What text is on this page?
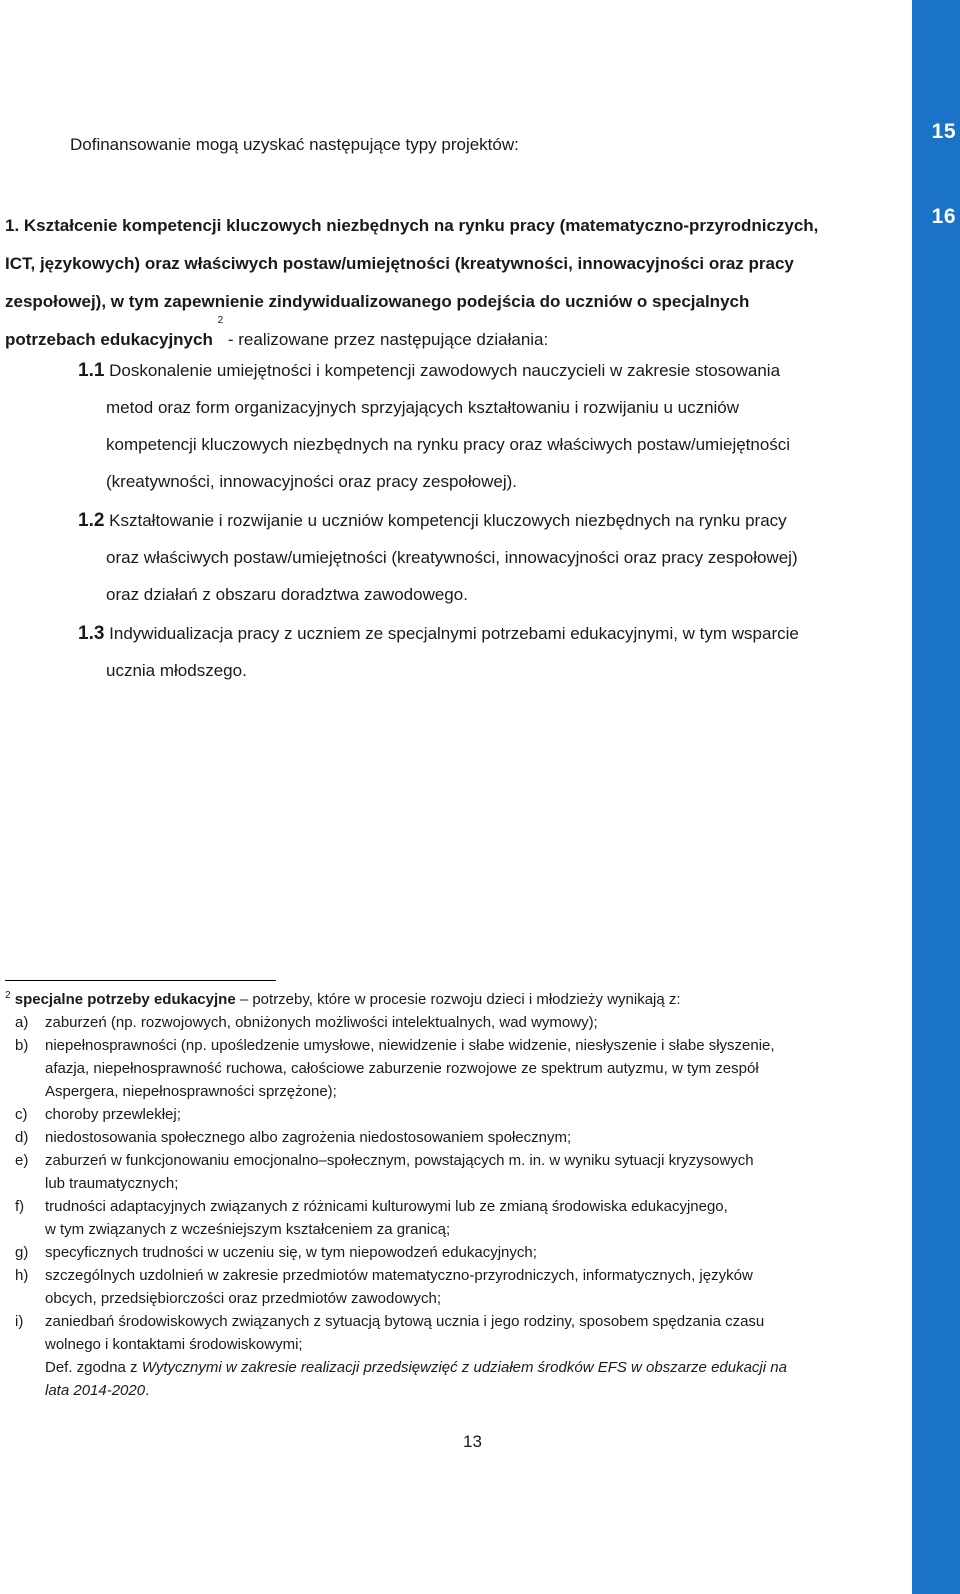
15
16
Dofinansowanie mogą uzyskać następujące typy projektów:
1. Kształcenie kompetencji kluczowych niezbędnych na rynku pracy (matematyczno-przyrodniczych,
ICT, językowych) oraz właściwych postaw/umiejętności (kreatywności, innowacyjności oraz pracy
zespołowej), w tym zapewnienie zindywidualizowanego podejścia do uczniów o specjalnych
potrzebach edukacyjnych

2

- realizowane przez następujące działania:
1.1 Doskonalenie umiejętności i kompetencji zawodowych nauczycieli w zakresie stosowania
metod oraz form organizacyjnych sprzyjających kształtowaniu i rozwijaniu u uczniów
kompetencji kluczowych niezbędnych na rynku pracy oraz właściwych postaw/umiejętności
(kreatywności, innowacyjności oraz pracy zespołowej).
1.2 Kształtowanie i rozwijanie u uczniów kompetencji kluczowych niezbędnych na rynku pracy
oraz właściwych postaw/umiejętności (kreatywności, innowacyjności oraz pracy zespołowej)
oraz działań z obszaru doradztwa zawodowego.
1.3 Indywidualizacja pracy z uczniem ze specjalnymi potrzebami edukacyjnymi, w tym wsparcie
ucznia młodszego.
$^2$ specjalne potrzeby edukacyjne – potrzeby, które w procesie rozwoju dzieci i młodzieży wynikają z:
a)	zaburzeń (np. rozwojowych, obniżonych możliwości intelektualnych, wad wymowy);
b)	niepełnosprawności (np. upośledzenie umysłowe, niewidzenie i słabe widzenie, niesłyszenie i słabe słyszenie,
afazja, niepełnosprawność ruchowa, całościowe zaburzenie rozwojowe ze spektrum autyzmu, w tym zespół
Aspergera, niepełnosprawności sprzężone);
c)	choroby przewlekłej;
d)	niedostosowania społecznego albo zagrożenia niedostosowaniem społecznym;
e)	zaburzeń w funkcjonowaniu emocjonalno–społecznym, powstających m. in. w wyniku sytuacji kryzysowych
lub traumatycznych;
f)	trudności adaptacyjnych związanych z różnicami kulturowymi lub ze zmianą środowiska edukacyjnego,
w tym związanych z wcześniejszym kształceniem za granicą;
g)	specyficznych trudności w uczeniu się, w tym niepowodzeń edukacyjnych;
h)	szczególnych uzdolnień w zakresie przedmiotów matematyczno-przyrodniczych, informatycznych, języków
obcych, przedsiębiorczości oraz przedmiotów zawodowych;
i)	zaniedbań środowiskowych związanych z sytuacją bytową ucznia i jego rodziny, sposobem spędzania czasu
wolnego i kontaktami środowiskowymi;
Def. zgodna z Wytycznymi w zakresie realizacji przedsięwzięć z udziałem środków EFS w obszarze edukacji na
lata 2014-2020.
13
